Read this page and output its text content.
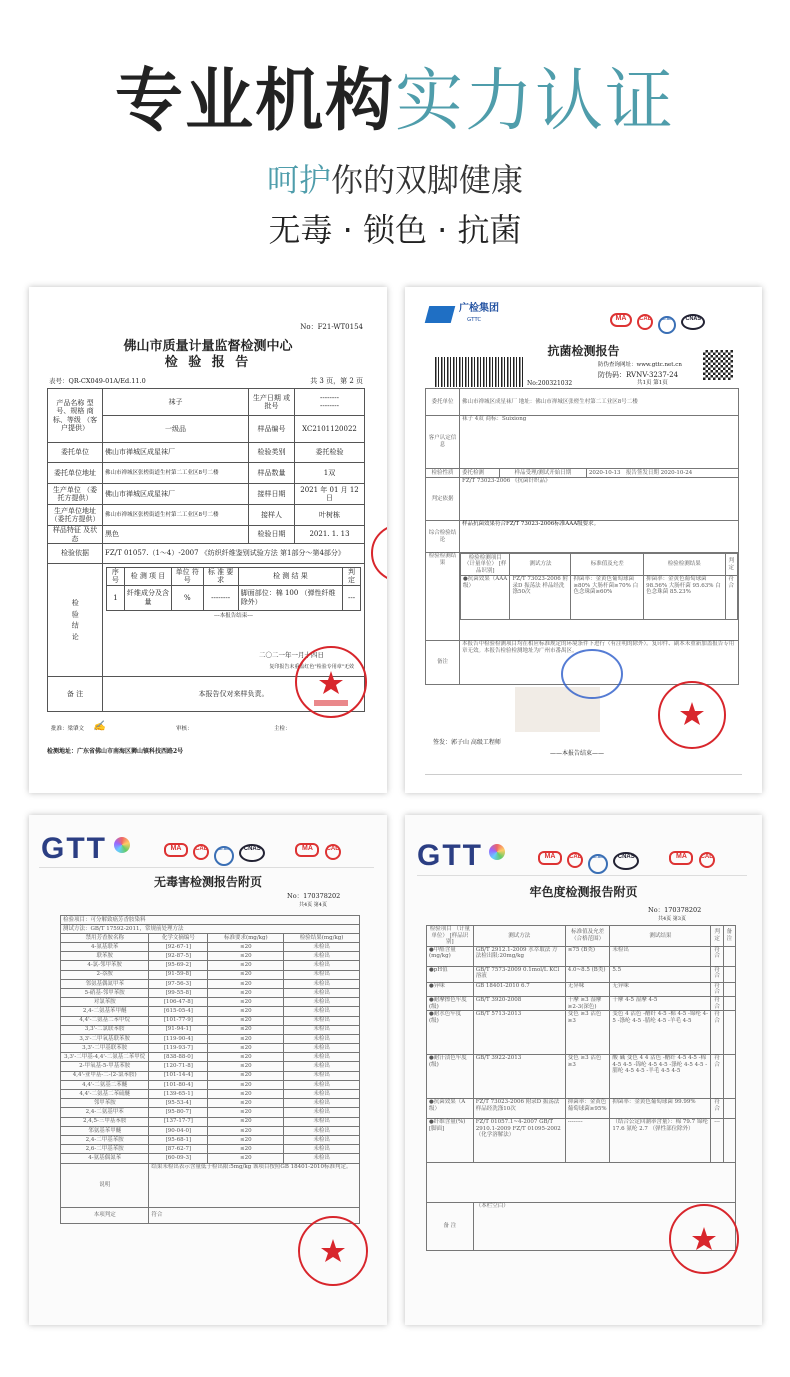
专业机构实力认证
呵护你的双脚健康
无毒 · 锁色 · 抗菌
No：F21-WT0154
佛山市质量计量监督检测中心
检 验 报 告
表号：QR-CX049-01A/Ed.11.0	共 3 页，第 2 页
产品名称 型号、规格 商标、等级 （客户提供）	袜子	生产日期 或批号	
--------
--------

一级品	样品编号	XC2101120022
委托单位	佛山市禅城区成星袜厂	检验类别	委托检验
委托单位地址	佛山市禅城区张槎街道生村第二工业区8号二楼	样品数量	1双
生产单位 （委托方提供）	佛山市禅城区成星袜厂	接样日期	2021 年 01 月 12 日
生产单位地址 （委托方提供）	佛山市禅城区张槎街道生村第二工业区8号二楼	接样人	叶树栋
样品特征 及状态	黑色	检验日期	2021. 1. 13
检验依据	FZ/T 01057.（1～4）-2007 《纺织纤维鉴别试验方法 第1部分～第4部分》
检 验 结 论	
序号	检 测 项 目	单位 符号	标 准 要 求	检 测 结 果	判定
1	纤维成分及含量	%	--------	脚面部位：棉 100 （弹性纤维除外）	---
---本报告结束---
二〇二一年一月十四日
复印报告未重盖红色"检验专用章"无效

备 注	本报告仅对来样负责。
批准：梁肇文 ✍	审核：	主检：
检测地址：广东省佛山市南海区狮山镇科技西路2号
广检集团
GTTC	MA CAL	ilac-MRA CNAS
抗菌检测报告
防伪查询网址：www.gttc.net.cn
防伪码：RVNV-3237-24
No:200321032	共1页 第1页
委托单位	佛山市禅城区成星袜厂 地址：佛山市禅城区张槎生村第二工业区8号二楼
客户认定信息	袜子 4双 商标：Suixiong
检验性质	委托检测	样品受理/测试开始日期	2020-10-13 报告签发日期 2020-10-24
判定依据	FZ/T 73023-2006 《抗菌针织品》
综合检验结论	样品抗菌效果符合FZ/T 73023-2006标准AAA级要求。
检验检测结果	
检验检测项目 （计量单位） [样品识别]	测试方法	标准值及允差	检验检测结果	判定
●抗菌效果（AAA级）	FZ/T 73023-2006 附录D 振荡法 样品经洗涤50次	抑菌率：金黄色葡萄球菌≥80% 大肠杆菌≥70% 白色念珠菌≥60%	抑菌率：金黄色葡萄球菌 98.56% 大肠杆菌 95.63% 白色念珠菌 85.23%	符合

备注	本报告中检验检测项目均在相应标准规定的环境条件下进行（有注明的除外）。复印件、副本未重新加盖报告专用章无效。本报告检验检测地址为广州市番禺区。
签发：郭子山 高级工程师
——本报告结束——
GTT	MA CAL	ilac-MRA CNAS	MA CAL
无毒害检测报告附页
No：170378202
共4页 第4页
检验项目：可分解致癌芳香胺染料			
测试方法：GB/T 17592-2011，常规前处理方法			
禁用芳香胺名称	化学文摘编号	标准要求(mg/kg)	检验结果(mg/kg)
4-氨基联苯	[92-67-1]	≤20	未检出
联苯胺	[92-87-5]	≤20	未检出
4-氯-邻甲苯胺	[95-69-2]	≤20	未检出
2-萘胺	[91-59-8]	≤20	未检出
邻氨基偶氮甲苯	[97-56-3]	≤20	未检出
5-硝基-邻甲苯胺	[99-55-8]	≤20	未检出
对氯苯胺	[106-47-8]	≤20	未检出
2,4-二氨基苯甲醚	[615-05-4]	≤20	未检出
4,4'-二氨基二苯甲烷	[101-77-9]	≤20	未检出
3,3'-二氯联苯胺	[91-94-1]	≤20	未检出
3,3'-二甲氧基联苯胺	[119-90-4]	≤20	未检出
3,3'-二甲基联苯胺	[119-93-7]	≤20	未检出
3,3'-二甲基-4,4'-二氨基二苯甲烷	[838-88-0]	≤20	未检出
2-甲氧基-5-甲基苯胺	[120-71-8]	≤20	未检出
4,4'-亚甲基-二-(2-氯苯胺)	[101-14-4]	≤20	未检出
4,4'-二氨基二苯醚	[101-80-4]	≤20	未检出
4,4'-二氨基二苯硫醚	[139-65-1]	≤20	未检出
邻甲苯胺	[95-53-4]	≤20	未检出
2,4-二氨基甲苯	[95-80-7]	≤20	未检出
2,4,5-三甲基苯胺	[137-17-7]	≤20	未检出
邻氨基苯甲醚	[90-04-0]	≤20	未检出
2,4-二甲基苯胺	[95-68-1]	≤20	未检出
2,6-二甲基苯胺	[87-62-7]	≤20	未检出
4-氨基偶氮苯	[60-09-3]	≤20	未检出
说明	结果未检出表示含量低于检出限:5mg/kg 该项目按照GB 18401-2010标准判定。		
本项判定	符合		
GTT	MA CAL	ilac-MRA CNAS	MA CAL
牢色度检测报告附页
No：170378202
共4页 第3页
检验项目 （计量单位） [样品识别]	测试方法	标准值及允差 （合格范围）	测试结果	判定	备注
●甲醛含量 (mg/kg)	GB/T 2912.1-2009 水萃取法 方法检出限:20mg/kg	≤75 (B类)	未检出	符合	
●pH值	GB/T 7573-2009 0.1mol/L KCl溶液	4.0~8.5 (B类)	5.5	符合	
●异味	GB 18401-2010 6.7	无异味	无异味	符合	
●耐摩擦色牢度(级)	GB/T 3920-2008	干摩 ≥3 湿摩 ≥2-3(深色)	干摩 4-5 湿摩 4-5	符合	
●耐水色牢度(级)	GB/T 5713-2013	变色 ≥3 沾色 ≥3	变色 4 沾色 -醋纤 4-5 -棉 4-5 -锦纶 4-5 -涤纶 4-5 -腈纶 4-5 -羊毛 4-5	符合	
●耐汗渍色牢度(级)	GB/T 3922-2013	变色 ≥3 沾色 ≥3	酸 碱 变色 4 4 沾色 -醋纤 4-5 4-5 -棉 4-5 4-5 -锦纶 4-5 4-5 -涤纶 4-5 4-5 -腈纶 4-5 4-5 -羊毛 4-5 4-5	符合	
●抗菌效果（A级）	FZ/T 73023-2006 附录D 振荡法 样品经洗涤10次	抑菌率：金黄色葡萄球菌≥95%	抑菌率：金黄色葡萄球菌 99.99%	符合	
●纤维含量(%) [脚面]	FZ/T 01057.1~4-2007 GB/T 2910.1-2009 FZ/T 01095-2002 （化学溶解法）	--------	（结合公定回潮率含量）：棉 79.7 锦纶 17.6 氨纶 2.7 （弹性部位除外）	---	

备 注	（本栏空白）				
